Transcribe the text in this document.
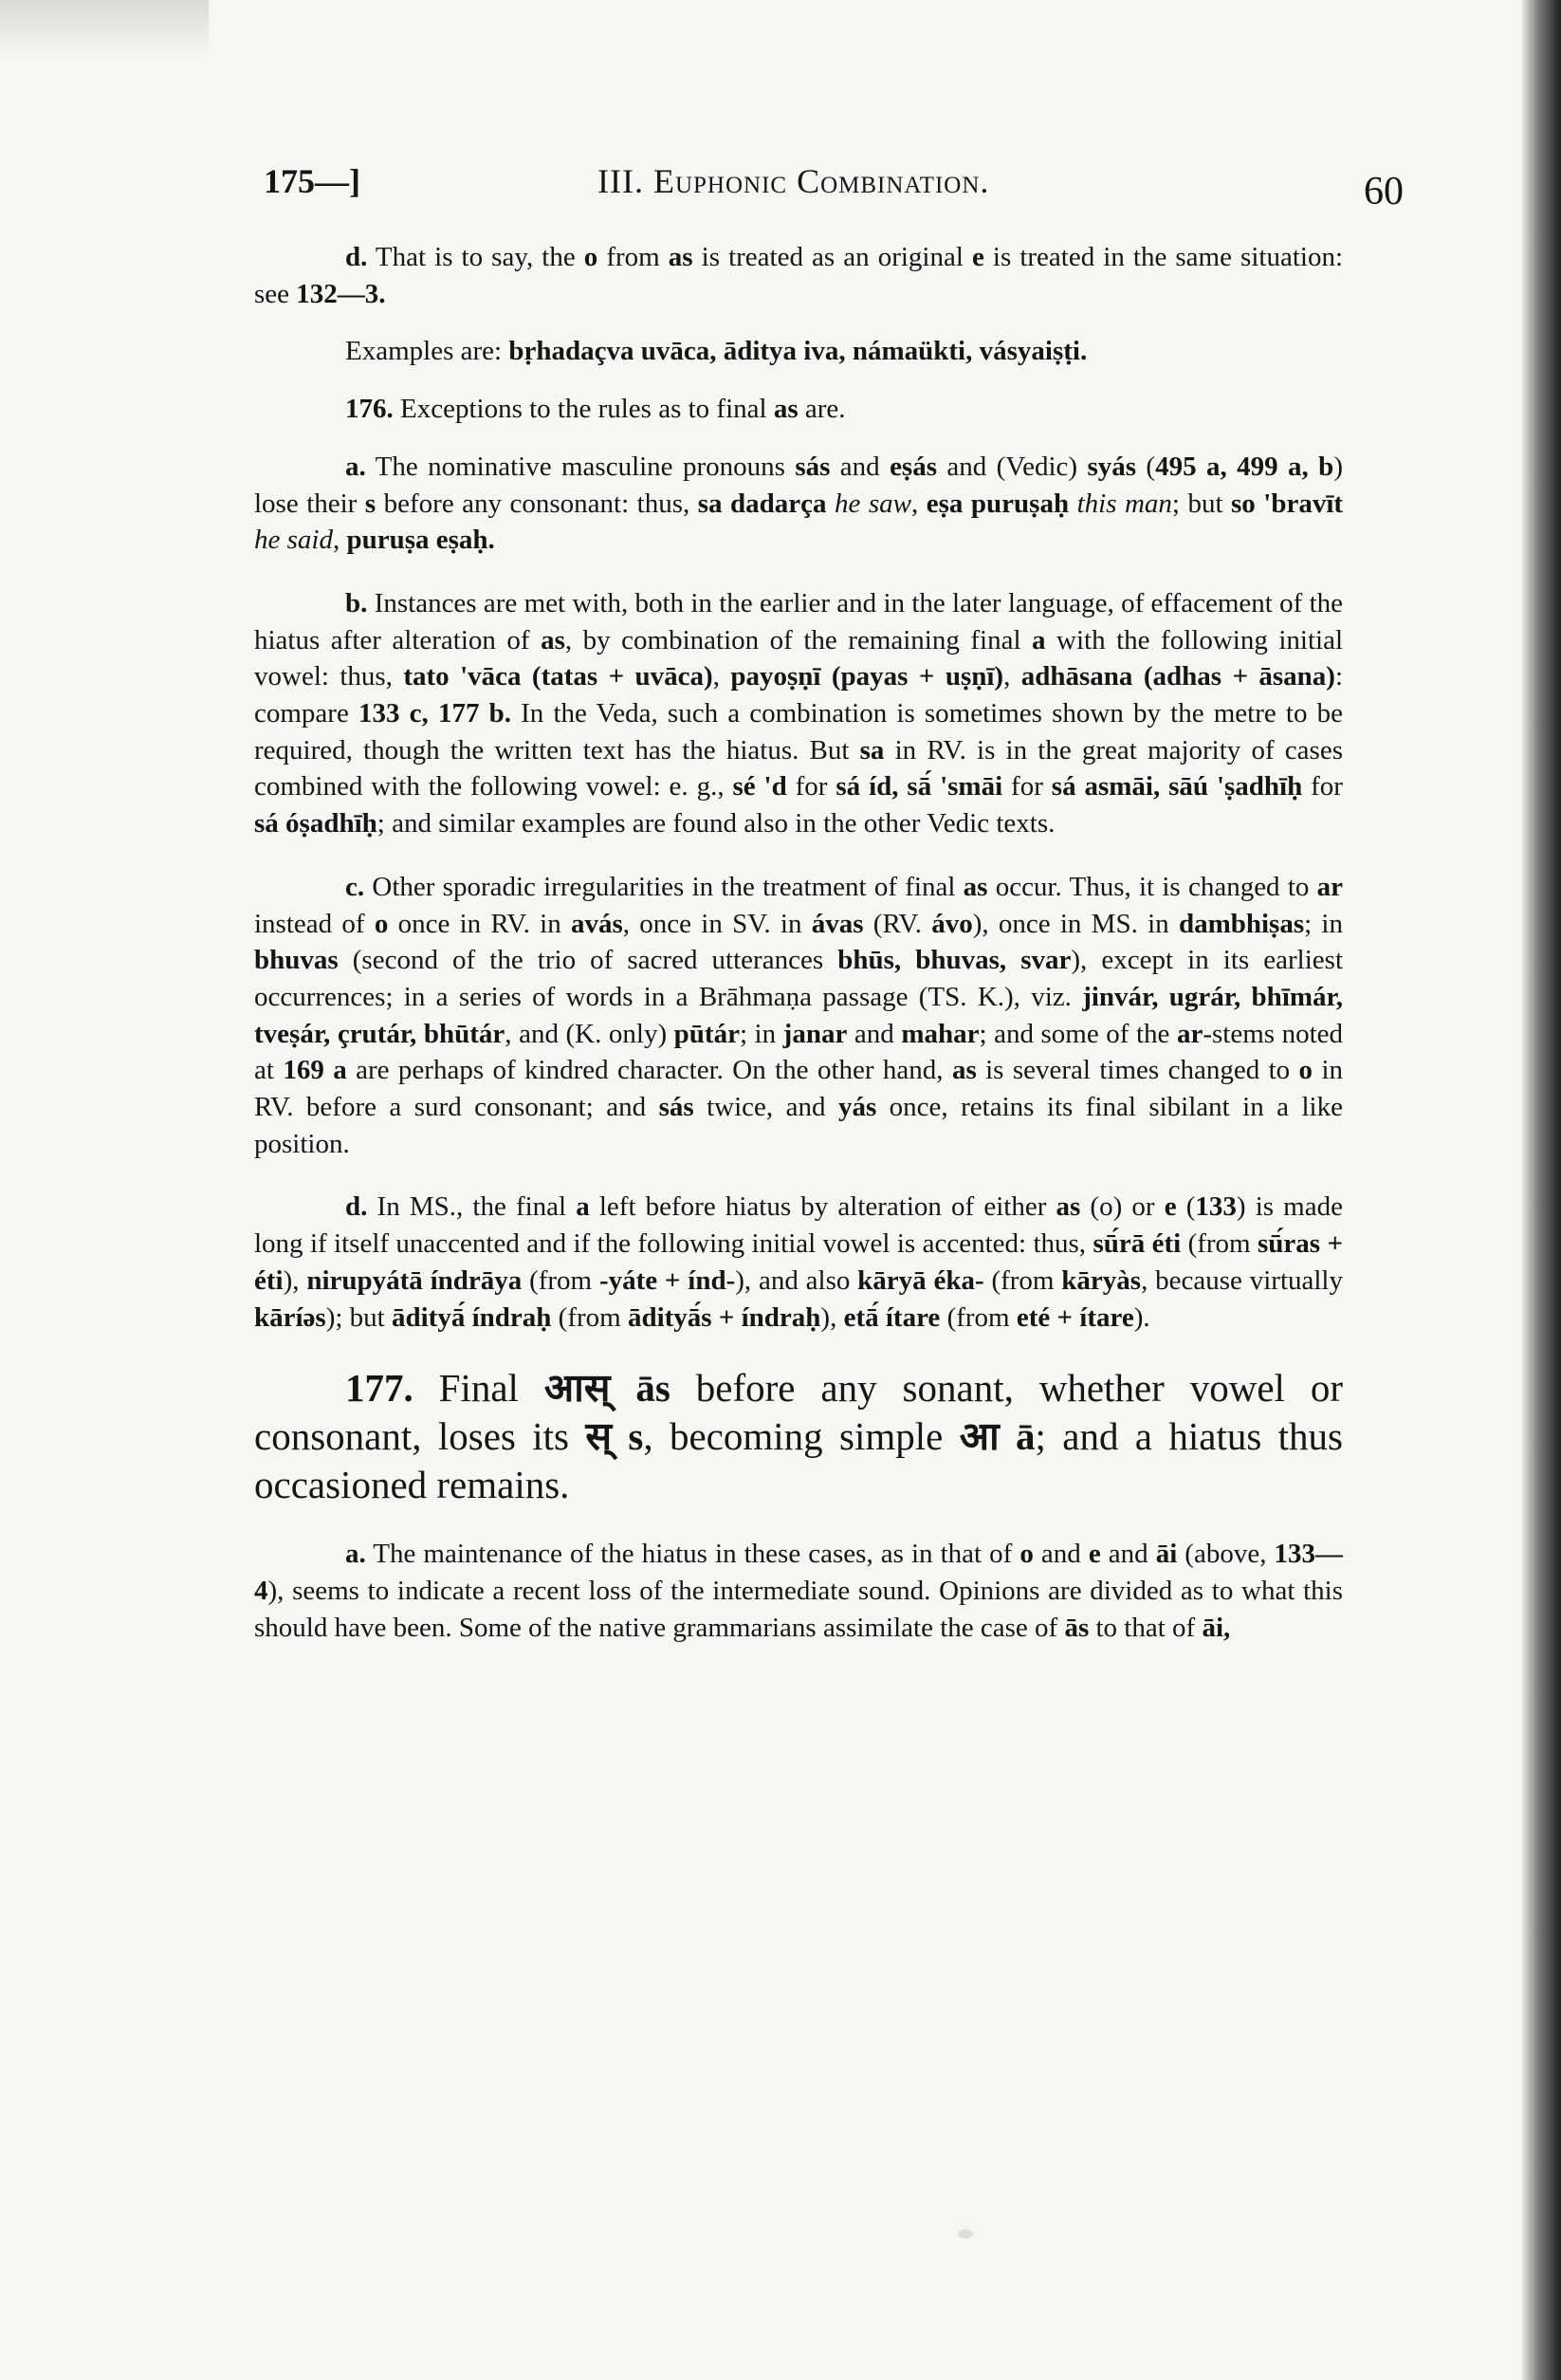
175—]	III. Euphonic Combination.	60

d. That is to say, the o from as is treated as an original e is treated in the same situation: see 132—3.

Examples are: bṛhadaçva uvāca, āditya iva, námaükti, vásyaiṣṭi.

176. Exceptions to the rules as to final as are.

a. The nominative masculine pronouns sás and eṣás and (Vedic) syás (495 a, 499 a, b) lose their s before any consonant: thus, sa dadarça he saw, eṣa puruṣaḥ this man; but so 'bravīt he said, puruṣa eṣaḥ.

b. Instances are met with, both in the earlier and in the later language, of effacement of the hiatus after alteration of as, by combination of the remaining final a with the following initial vowel: thus, tato 'vāca (tatas + uvāca), payoṣṇī (payas + uṣṇī), adhāsana (adhas + āsana): compare 133 c, 177 b. In the Veda, such a combination is sometimes shown by the metre to be required, though the written text has the hiatus. But sa in RV. is in the great majority of cases combined with the following vowel: e. g., sé 'd for sá íd, sā́ 'smāi for sá asmāi, sāú 'ṣadhīḥ for sá óṣadhīḥ; and similar examples are found also in the other Vedic texts.

c. Other sporadic irregularities in the treatment of final as occur. Thus, it is changed to ar instead of o once in RV. in avás, once in SV. in ávas (RV. ávo), once in MS. in dambhiṣas; in bhuvas (second of the trio of sacred utterances bhūs, bhuvas, svar), except in its earliest occurrences; in a series of words in a Brāhmaṇa passage (TS. K.), viz. jinvár, ugrár, bhīmár, tveṣár, çrutár, bhūtár, and (K. only) pūtár; in janar and mahar; and some of the ar-stems noted at 169 a are perhaps of kindred character. On the other hand, as is several times changed to o in RV. before a surd consonant; and sás twice, and yás once, retains its final sibilant in a like position.

d. In MS., the final a left before hiatus by alteration of either as (o) or e (133) is made long if itself unaccented and if the following initial vowel is accented: thus, sū́rā éti (from sū́ras + éti), nirupyátā índrāya (from -yáte + índ-), and also kāryā éka- (from kāryàs, because virtually kāríəs); but ādityā́ índraḥ (from ādityā́s + índraḥ), etā́ ítare (from eté + ítare).

177. Final आस् ās before any sonant, whether vowel or consonant, loses its स् s, becoming simple आ ā; and a hiatus thus occasioned remains.

a. The maintenance of the hiatus in these cases, as in that of o and e and āi (above, 133—4), seems to indicate a recent loss of the intermediate sound. Opinions are divided as to what this should have been. Some of the native grammarians assimilate the case of ās to that of āi,
